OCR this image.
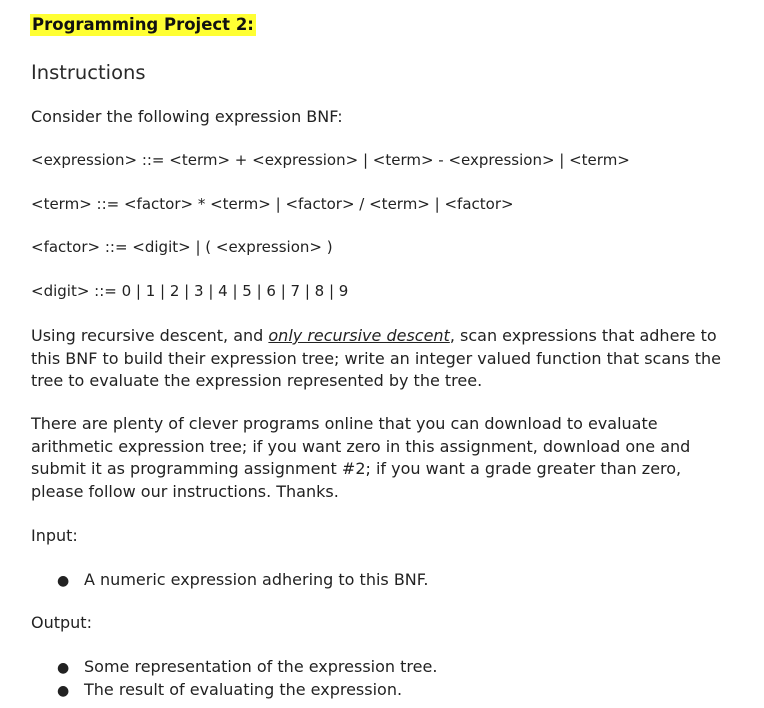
Programming Project 2:
Instructions
Consider the following expression BNF:
<expression> ::= <term> + <expression> | <term> - <expression> | <term>
<term> ::= <factor> * <term> | <factor> / <term> | <factor>
<factor> ::= <digit> | ( <expression> )
<digit> ::= 0 | 1 | 2 | 3 | 4 | 5 | 6 | 7 | 8 | 9
Using recursive descent, and only recursive descent, scan expressions that adhere to this BNF to build their expression tree; write an integer valued function that scans the tree to evaluate the expression represented by the tree.
There are plenty of clever programs online that you can download to evaluate arithmetic expression tree; if you want zero in this assignment, download one and submit it as programming assignment #2; if you want a grade greater than zero, please follow our instructions. Thanks.
Input:
● A numeric expression adhering to this BNF.
Output:
● Some representation of the expression tree.
● The result of evaluating the expression.
